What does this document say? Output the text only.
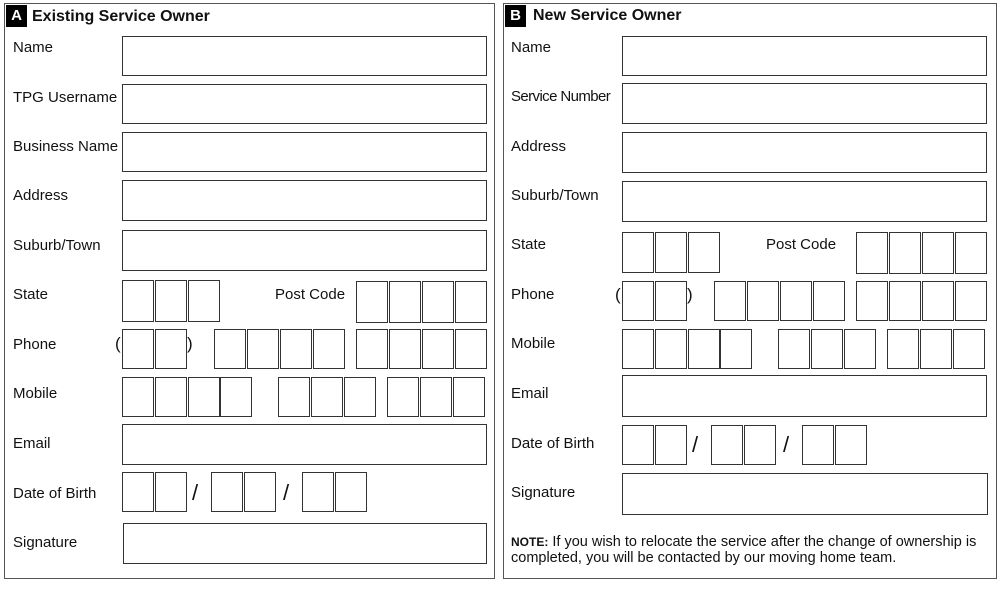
A Existing Service Owner
Name
TPG Username
Business Name
Address
Suburb/Town
State	Post Code
Phone	(	)
Mobile
Email
Date of Birth	/	/
Signature
B New Service Owner
Name
Service Number
Address
Suburb/Town
State	Post Code
Phone	(	)
Mobile
Email
Date of Birth	/	/
Signature
NOTE: If you wish to relocate the service after the change of ownership is completed, you will be contacted by our moving home team.
